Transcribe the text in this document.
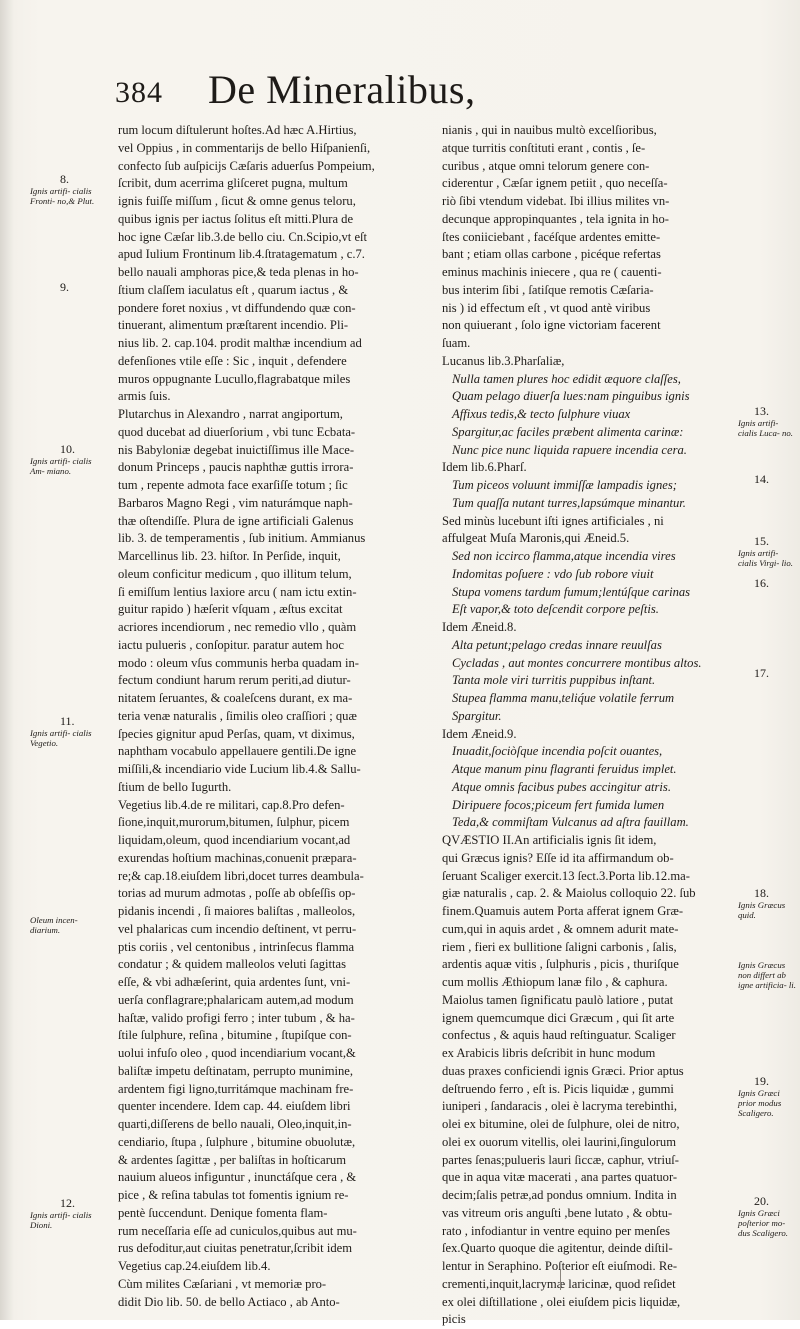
384 De Mineralibus,
rum locum diſtulerunt hoſtes.Ad hæc A.Hirtius,
vel Oppius , in commentarijs de bello Hiſpanienſi,
confecto ſub auſpicijs Cæſaris aduerſus Pompeium,
ſcribit, dum acerrima gliſceret pugna, multum
ignis fuiſſe miſſum , ſicut & omne genus teloru,
quibus ignis per iactus ſolitus eſt mitti.Plura de
hoc igne Cæſar lib.3.de bello ciu. Cn.Scipio,vt eſt
apud Iulium Frontinum lib.4.ſtratagematum , c.7.
bello nauali amphoras pice,& teda plenas in ho-
ſtium claſſem iaculatus eſt , quarum iactus , &
pondere foret noxius , vt diffundendo quæ con-
tinuerant, alimentum præſtarent incendio. Pli-
nius lib. 2. cap.104. prodit malthæ incendium ad
defenſiones vtile eſſe : Sic , inquit , defendere
muros oppugnante Lucullo,flagrabatque miles
armis ſuis.
Plutarchus in Alexandro , narrat angiportum,
quod ducebat ad diuerſorium , vbi tunc Ecbata-
nis Babyloniæ degebat inuictiſſimus ille Mace-
donum Princeps , paucis naphthæ guttis irrora-
tum , repente admota face exarſiſſe totum ; ſic
Barbaros Magno Regi , vim naturámque naph-
thæ oſtendiſſe. Plura de igne artificiali Galenus
lib. 3. de temperamentis , ſub initium. Ammianus
Marcellinus lib. 23. hiſtor. In Perſide, inquit,
oleum conficitur medicum , quo illitum telum,
ſi emiſſum lentius laxiore arcu ( nam ictu extin-
guitur rapido ) hæſerit vſquam , æſtus excitat
acriores incendiorum , nec remedio vllo , quàm
iactu pulueris , conſopitur. paratur autem hoc
modo : oleum vſus communis herba quadam in-
fectum condiunt harum rerum periti,ad diutur-
nitatem ſeruantes, & coaleſcens durant, ex ma-
teria venæ naturalis , ſimilis oleo craſſiori ; quæ
ſpecies gignitur apud Perſas, quam, vt diximus,
naphtham vocabulo appellauere gentili.De igne
miſſili,& incendiario vide Lucium lib.4.& Sallu-
ſtium de bello Iugurth.
Vegetius lib.4.de re militari, cap.8.Pro defen-
ſione,inquit,murorum,bitumen, ſulphur, picem
liquidam,oleum, quod incendiarium vocant,ad
exurendas hoſtium machinas,conuenit præpara-
re;& cap.18.eiuſdem libri,docet turres deambula-
torias ad murum admotas , poſſe ab obſeſſis op-
pidanis incendi , ſi maiores baliſtas , malleolos,
vel phalaricas cum incendio deſtinent, vt perru-
ptis coriis , vel centonibus , intrinſecus flamma
condatur ; & quidem malleolos veluti ſagittas
eſſe, & vbi adhæſerint, quia ardentes ſunt, vni-
uerſa conflagrare;phalaricam autem,ad modum
haſtæ, valido profigi ferro ; inter tubum , & ha-
ſtile ſulphure, reſina , bitumine , ſtupiſque con-
uolui infuſo oleo , quod incendiarium vocant,&
baliſtæ impetu deſtinatam, perrupto munimine,
ardentem figi ligno,turritámque machinam fre-
quenter incendere. Idem cap. 44. eiuſdem libri
quarti,diſſerens de bello nauali, Oleo,inquit,in-
cendiario, ſtupa , ſulphure , bitumine obuolutæ,
& ardentes ſagittæ , per baliſtas in hoſticarum
nauium alueos infiguntur , inunctáſque cera , &
pice , & reſina tabulas tot fomentis ignium re-
pentè ſuccendunt. Denique fomenta flam-
rum neceſſaria eſſe ad cuniculos,quibus aut mu-
rus defoditur,aut ciuitas penetratur,ſcribit idem
Vegetius cap.24.eiuſdem lib.4.
Cùm milites Cæſariani , vt memoriæ pro-
didit Dio lib. 50. de bello Actiaco , ab Anto-
nianis , qui in nauibus multò excelſioribus,
atque turritis conſtituti erant , contis , ſe-
curibus , atque omni telorum genere con-
ciderentur , Cæſar ignem petiit , quo neceſſa-
riò ſibi vtendum videbat. Ibi illius milites vn-
decunque appropinquantes , tela ignita in ho-
ſtes coniiciebant , facéſque ardentes emitte-
bant ; etiam ollas carbone , picéque refertas
eminus machinis iniecere , qua re ( cauenti-
bus interim ſibi , ſatiſque remotis Cæſaria-
nis ) id effectum eſt , vt quod antè viribus
non quiuerant , ſolo igne victoriam facerent
ſuam.
Lucanus lib.3.Pharſaliæ,
Nulla tamen plures hoc edidit æquore claſſes,
Quam pelago diuerſa lues:nam pinguibus ignis
Affixus tedis,& tecto ſulphure viuax
Spargitur,ac faciles præbent alimenta carinæ:
Nunc pice nunc liquida rapuere incendia cera.
Idem lib.6.Pharſ.
Tum piceos voluunt immiſſæ lampadis ignes;
Tum quaſſa nutant turres,lapsúmque minantur.
Sed minùs lucebunt iſti ignes artificiales , ni
affulgeat Muſa Maronis,qui Æneid.5.
Sed non iccirco flamma,atque incendia vires
Indomitas poſuere : vdo ſub robore viuit
Stupa vomens tardum fumum;lentúſque carinas
Eſt vapor,& toto deſcendit corpore peſtis.
Idem Æneid.8.
Alta petunt;pelago credas innare reuulſas
Cycladas , aut montes concurrere montibus altos.
Tanta mole viri turritis puppibus inſtant.
Stupea flamma manu,teliq́ue volatile ferrum
Spargitur.
Idem Æneid.9.
Inuadit,ſociòſque incendia poſcit ouantes,
Atque manum pinu flagranti feruidus implet.
Atque omnis facibus pubes accingitur atris.
Diripuere focos;piceum fert fumida lumen
Teda,& commiſtam Vulcanus ad aſtra fauillam.
QVÆSTIO II.An artificialis ignis ſit idem,
qui Græcus ignis? Eſſe id ita affirmandum ob-
ſeruant Scaliger exercit.13 ſect.3.Porta lib.12.ma-
giæ naturalis , cap. 2. & Maiolus colloquio 22. ſub
finem.Quamuis autem Porta afferat ignem Græ-
cum,qui in aquis ardet , & omnem adurit mate-
riem , fieri ex bullitione ſaligni carbonis , ſalis,
ardentis aquæ vitis , ſulphuris , picis , thuriſque
cum mollis Æthiopum lanæ filo , & caphura.
Maiolus tamen ſignificatu paulò latiore , putat
ignem quemcumque dici Græcum , qui ſit arte
confectus , & aquis haud reſtinguatur. Scaliger
ex Arabicis libris deſcribit in hunc modum
duas praxes conficiendi ignis Græci. Prior aptus
deſtruendo ferro , eſt is. Picis liquidæ , gummi
iuniperi , ſandaracis , olei è lacryma terebinthi,
olei ex bitumine, olei de ſulphure, olei de nitro,
olei ex ouorum vitellis, olei laurini,ſingulorum
partes ſenas;pulueris lauri ſiccæ, caphur, vtriuſ-
que in aqua vitæ macerati , ana partes quatuor-
decim;ſalis petræ,ad pondus omnium. Indita in
vas vitreum oris anguſti ,bene lutato , & obtu-
rato , infodiantur in ventre equino per menſes
ſex.Quarto quoque die agitentur, deinde diſtil-
lentur in Seraphino. Poſterior eſt eiuſmodi. Re-
crementi,inquit,lacrymæ laricinæ, quod reſidet
ex olei diſtillatione , olei eiuſdem picis liquidæ,
picis
8.
Ignis artifi- cialis Fronti- no,& Plut.
9.
10.
Ignis artifi- cialis Am- miano.
11.
Ignis artifi- cialis Vegetio.
Oleum incen- diarium.
12.
Ignis artifi- cialis Dioni.
13.
Ignis artifi- cialis Luca- no.
14.
15.
Ignis artifi- cialis Virgi- lio.
16.
17.
18.
Ignis Græcus quid.
Ignis Græcus non differt ab igne artificia- li.
19.
Ignis Græci prior modus Scaligero.
20.
Ignis Græci poſterior mo- dus Scaligero.
